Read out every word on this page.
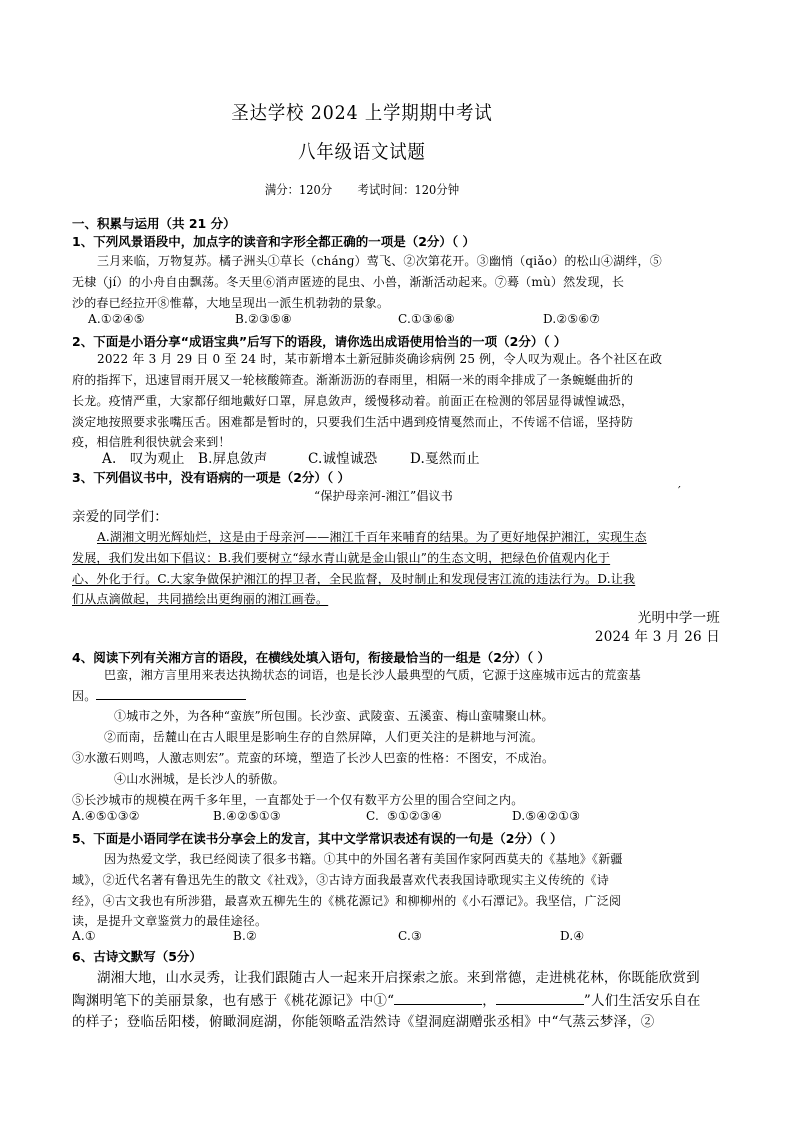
圣达学校 2024 上学期期中考试
八年级语文试题
满分：120分       考试时间：120分钟
一、积累与运用（共 21 分）
1、下列风景语段中，加点字的读音和字形全都正确的一项是（2分）（ ）
三月来临，万物复苏。橘子洲头①草长（chánɡ）莺飞、②次第花开。③幽悄（qiǎo）的松山④湖绊，⑤
无棣（jí）的小舟自由飘荡。冬天里⑥消声匿迹的昆虫、小兽，渐渐活动起来。⑦蓦（mù）然发现，长
沙的春已经拉开⑧惟幕，大地呈现出一派生机勃勃的景象。
A.①②④⑤	B.②③⑤⑧	C.①③⑥⑧	D.②⑤⑥⑦
2、下面是小语分享“成语宝典”后写下的语段，请你选出成语使用恰当的一项（2分）（ ）
2022 年 3 月 29 日 0 至 24 时，某市新增本土新冠肺炎确诊病例 25 例，令人叹为观止。各个社区在政
府的指挥下，迅速冒雨开展又一轮核酸筛查。渐渐沥沥的春雨里，相隔一米的雨伞排成了一条蜿蜒曲折的
长龙。疫情严重，大家都仔细地戴好口罩，屏息敛声，缓慢移动着。前面正在检测的邻居显得诚惶诚恐，
淡定地按照要求张嘴压舌。困难都是暂时的，只要我们生活中遇到疫情戛然而止，不传谣不信谣，坚持防
疫，相信胜利很快就会来到！
A.   叹为观止 B.屏息敛声	C.诚惶诚恐 D.戛然而止
3、下列倡议书中，没有语病的一项是（2分）（ ）
“保护母亲河-湘江”倡议书	′
亲爱的同学们：
A.湖湘文明光辉灿烂，这是由于母亲河——湘江千百年来哺育的结果。为了更好地保护湘江，实现生态
发展，我们发出如下倡议：B.我们要树立“绿水青山就是金山银山”的生态文明，把绿色价值观内化于
心、外化于行。C.大家争做保护湘江的捍卫者，全民监督，及时制止和发现侵害江流的违法行为。D.让我
们从点滴做起，共同描绘出更绚丽的湘江画卷。
光明中学一班
2024 年 3 月 26 日
4、阅读下列有关湘方言的语段，在横线处填入语句，衔接最恰当的一组是（2分）（ ）
巴蛮，湘方言里用来表达执拗状态的词语，也是长沙人最典型的气质，它源于这座城市远古的荒蛮基
因。
①城市之外，为各种“蛮族”所包围。长沙蛮、武陵蛮、五溪蛮、梅山蛮啸聚山林。
②而南，岳麓山在古人眼里是影响生存的自然屏障，人们更关注的是耕地与河流。
③水激石则鸣，人激志则宏”。荒蛮的环境，塑造了长沙人巴蛮的性格：不图安，不成治。
④山水洲城，是长沙人的骄傲。
⑤长沙城市的规模在两千多年里，一直都处于一个仅有数平方公里的围合空间之内。
A.④⑤①③②	B.④②⑤①③	C.  ⑤①②③④	D.⑤④②①③
5、下面是小语同学在读书分享会上的发言，其中文学常识表述有误的一句是（2分）（ ）
因为热爱文学，我已经阅读了很多书籍。①其中的外国名著有美国作家阿西莫夫的《基地》《新疆
域》，②近代名著有鲁迅先生的散文《社戏》，③古诗方面我最喜欢代表我国诗歌现实主义传统的《诗
经》，④古文我也有所涉猎，最喜欢五柳先生的《桃花源记》和柳柳州的《小石潭记》。我坚信，广泛阅
读，是提升文章鉴赏力的最佳途径。
A.①	B.②	C.③	D.④
6、古诗文默写（5分）
湖湘大地，山水灵秀，让我们跟随古人一起来开启探索之旅。来到常德，走进桃花林，你既能欣赏到
陶渊明笔下的美丽景象，也有感于《桃花源记》中①“	，	”人们生活安乐自在
的样子；登临岳阳楼，俯瞰洞庭湖，你能领略孟浩然诗《望洞庭湖赠张丞相》中“气蒸云梦泽，②
